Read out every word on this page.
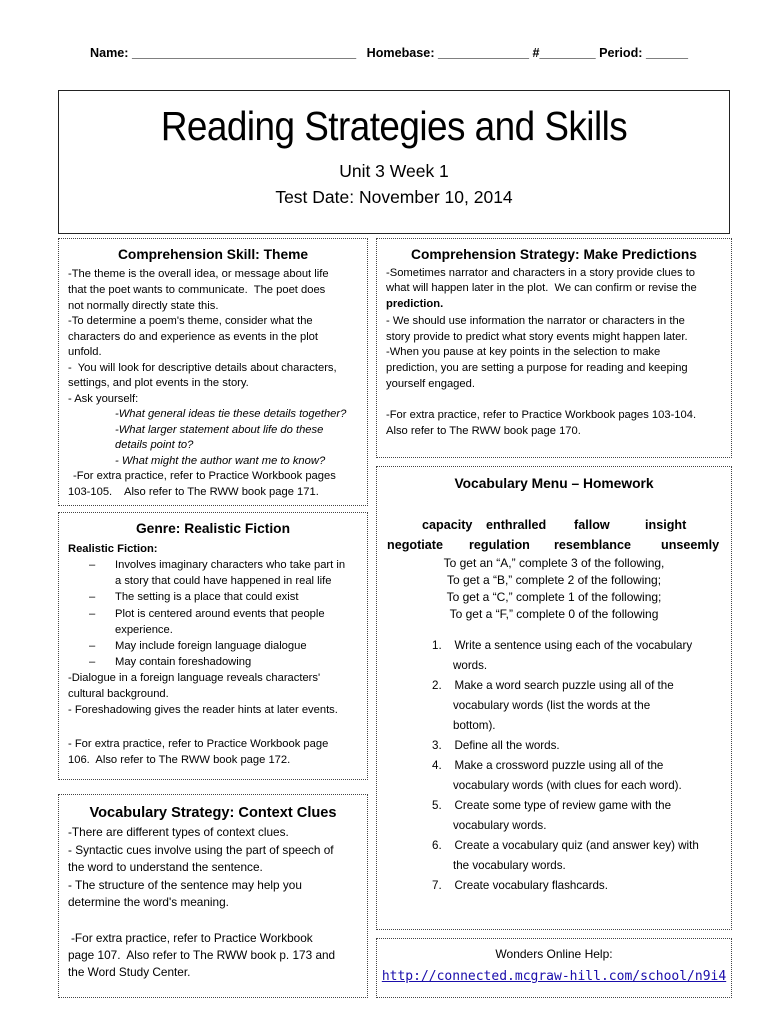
Name: ________________________________   Homebase: _____________ #________ Period: ______
Reading Strategies and Skills
Unit 3 Week 1
Test Date: November 10, 2014
Comprehension Skill: Theme
-The theme is the overall idea, or message about life
that the poet wants to communicate.  The poet does
not normally directly state this.
-To determine a poem's theme, consider what the
characters do and experience as events in the plot
unfold.
-  You will look for descriptive details about characters,
settings, and plot events in the story.
- Ask yourself:
-What general ideas tie these details together?
-What larger statement about life do these
details point to?
- What might the author want me to know?
-For extra practice, refer to Practice Workbook pages
103-105.    Also refer to The RWW book page 171.
Comprehension Strategy: Make Predictions
-Sometimes narrator and characters in a story provide clues to
what will happen later in the plot.  We can confirm or revise the
prediction.
- We should use information the narrator or characters in the
story provide to predict what story events might happen later.
-When you pause at key points in the selection to make
prediction, you are setting a purpose for reading and keeping
yourself engaged.
-For extra practice, refer to Practice Workbook pages 103-104.
Also refer to The RWW book page 170.
Genre: Realistic Fiction
Realistic Fiction:
– Involves imaginary characters who take part in
a story that could have happened in real life
– The setting is a place that could exist
– Plot is centered around events that people
experience.
– May include foreign language dialogue
– May contain foreshadowing
-Dialogue in a foreign language reveals characters'
cultural background.
- Foreshadowing gives the reader hints at later events.
- For extra practice, refer to Practice Workbook page
106.  Also refer to The RWW book page 172.
Vocabulary Menu – Homework
capacity enthralled fallow	insight
negotiate regulation resemblance unseemly
To get an “A,” complete 3 of the following,
To get a “B,” complete 2 of the following;
To get a “C,” complete 1 of the following;
To get a “F,” complete 0 of the following
1.    Write a sentence using each of the vocabulary
words.
2.    Make a word search puzzle using all of the
vocabulary words (list the words at the
bottom).
3.    Define all the words.
4.    Make a crossword puzzle using all of the
vocabulary words (with clues for each word).
5.    Create some type of review game with the
vocabulary words.
6.    Create a vocabulary quiz (and answer key) with
the vocabulary words.
7.    Create vocabulary flashcards.
Vocabulary Strategy: Context Clues
-There are different types of context clues.
- Syntactic cues involve using the part of speech of
the word to understand the sentence.
- The structure of the sentence may help you
determine the word's meaning.
-For extra practice, refer to Practice Workbook
page 107.  Also refer to The RWW book p. 173 and
the Word Study Center.
Wonders Online Help:
http://connected.mcgraw-hill.com/school/n9i4
